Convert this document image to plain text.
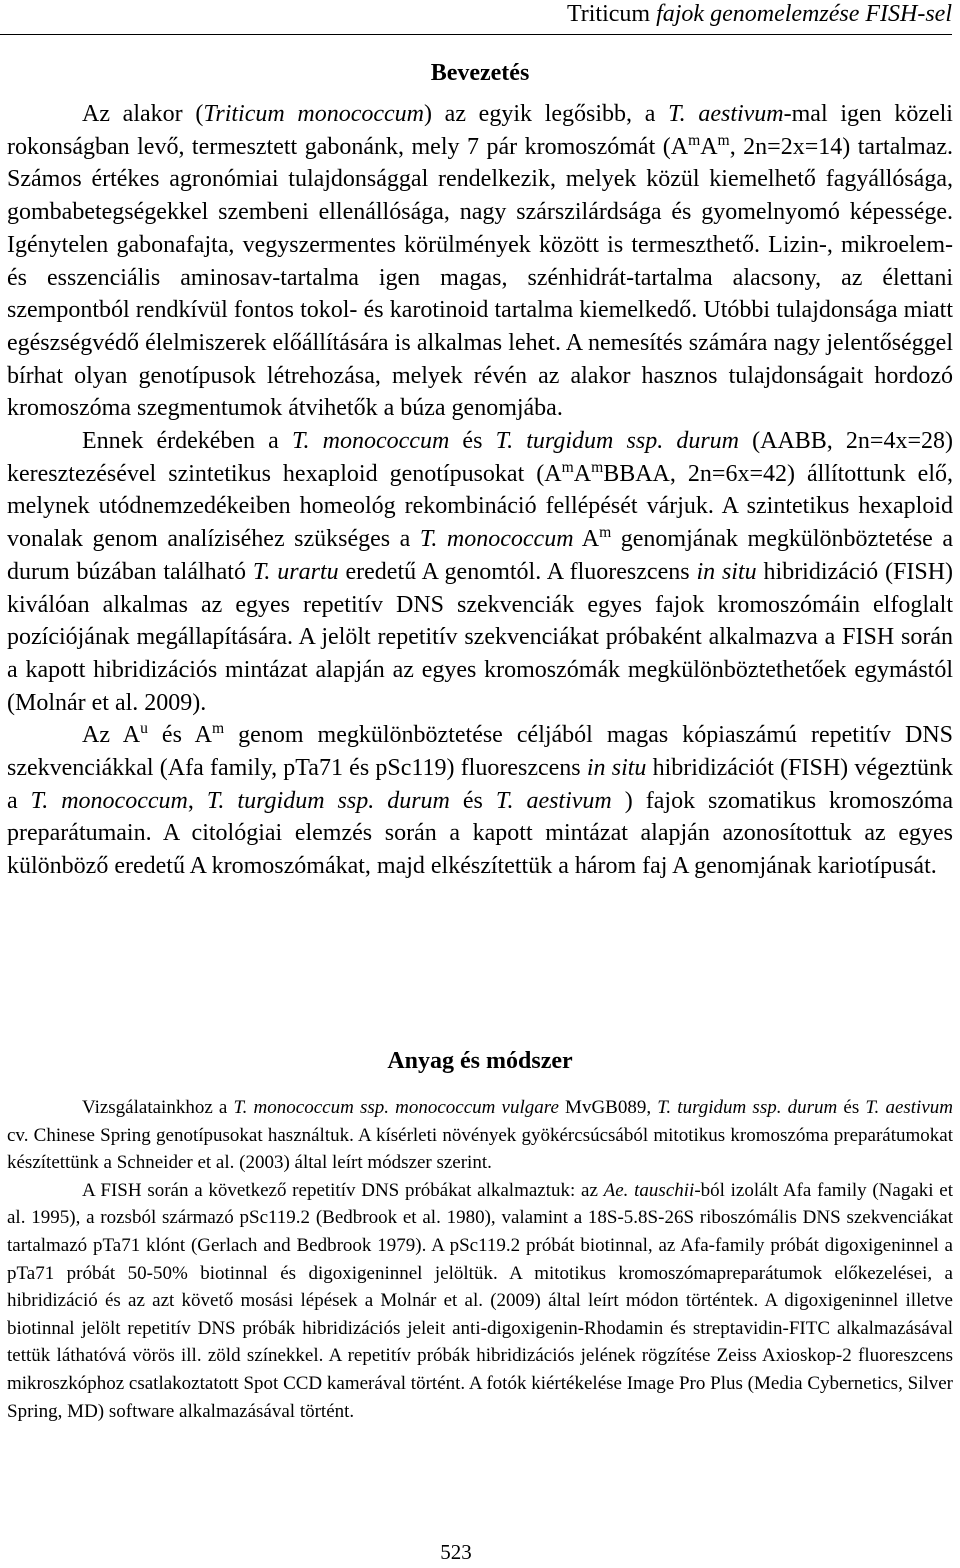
Triticum fajok genomelemzése FISH-sel
Bevezetés

Az alakor (Triticum monococcum) az egyik legősibb, a T. aestivum-mal igen közeli rokonságban levő, termesztett gabonánk, mely 7 pár kromoszómát ($A^mA^m$, 2n=2x=14) tartalmaz. Számos értékes agronómiai tulajdonsággal rendelkezik, melyek közül kiemelhető fagyállósága, gombabetegségekkel szembeni ellenállósága, nagy szárszilárdsága és gyomelnyomó képessége. Igénytelen gabonafajta, vegyszermentes körülmények között is termeszthető. Lizin-, mikroelem- és esszenciális aminosav-tartalma igen magas, szénhidrát-tartalma alacsony, az élettani szempontból rendkívül fontos tokol- és karotinoid tartalma kiemelkedő. Utóbbi tulajdonsága miatt egészségvédő élelmiszerek előállítására is alkalmas lehet. A nemesítés számára nagy jelentőséggel bírhat olyan genotípusok létrehozása, melyek révén az alakor hasznos tulajdonságait hordozó kromoszóma szegmentumok átvihetők a búza genomjába.

Ennek érdekében a T. monococcum és T. turgidum ssp. durum (AABB, 2n=4x=28) keresztezésével szintetikus hexaploid genotípusokat ($A^mA^mBBAA$, 2n=6x=42) állítottunk elő, melynek utódnemzedékeiben homeológ rekombináció fellépését várjuk. A szintetikus hexaploid vonalak genom analíziséhez szükséges a T. monococcum $A^m$ genomjának megkülönböztetése a durum búzában található T. urartu eredetű A genomtól. A fluoreszcens in situ hibridizáció (FISH) kiválóan alkalmas az egyes repetitív DNS szekvenciák egyes fajok kromoszómáin elfoglalt pozíciójának megállapítására. A jelölt repetitív szekvenciákat próbaként alkalmazva a FISH során a kapott hibridizációs mintázat alapján az egyes kromoszómák megkülönböztethetőek egymástól (Molnár et al. 2009).

Az $A^u$ és $A^m$ genom megkülönböztetése céljából magas kópiaszámú repetitív DNS szekvenciákkal (Afa family, pTa71 és pSc119) fluoreszcens in situ hibridizációt (FISH) végeztünk a T. monococcum, T. turgidum ssp. durum és T. aestivum ) fajok szomatikus kromoszóma preparátumain. A citológiai elemzés során a kapott mintázat alapján azonosítottuk az egyes különböző eredetű A kromoszómákat, majd elkészítettük a három faj A genomjának kariotípusát.

Anyag és módszer

Vizsgálatainkhoz a T. monococcum ssp. monococcum vulgare MvGB089, T. turgidum ssp. durum és T. aestivum cv. Chinese Spring genotípusokat használtuk. A kísérleti növények gyökércsúcsából mitotikus kromoszóma preparátumokat készítettünk a Schneider et al. (2003) által leírt módszer szerint.

A FISH során a következő repetitív DNS próbákat alkalmaztuk: az Ae. tauschii-ból izolált Afa family (Nagaki et al. 1995), a rozsból származó pSc119.2 (Bedbrook et al. 1980), valamint a 18S-5.8S-26S riboszómális DNS szekvenciákat tartalmazó pTa71 klónt (Gerlach and Bedbrook 1979). A pSc119.2 próbát biotinnal, az Afa-family próbát digoxigeninnel a pTa71 próbát 50-50% biotinnal és digoxigeninnel jelöltük. A mitotikus kromoszómapreparátumok előkezelései, a hibridizáció és az azt követő mosási lépések a Molnár et al. (2009) által leírt módon történtek. A digoxigeninnel illetve biotinnal jelölt repetitív DNS próbák hibridizációs jeleit anti-digoxigenin-Rhodamin és streptavidin-FITC alkalmazásával tettük láthatóvá vörös ill. zöld színekkel. A repetitív próbák hibridizációs jelének rögzítése Zeiss Axioskop-2 fluoreszcens mikroszkóphoz csatlakoztatott Spot CCD kamerával történt. A fotók kiértékelése Image Pro Plus (Media Cybernetics, Silver Spring, MD) software alkalmazásával történt.

523
